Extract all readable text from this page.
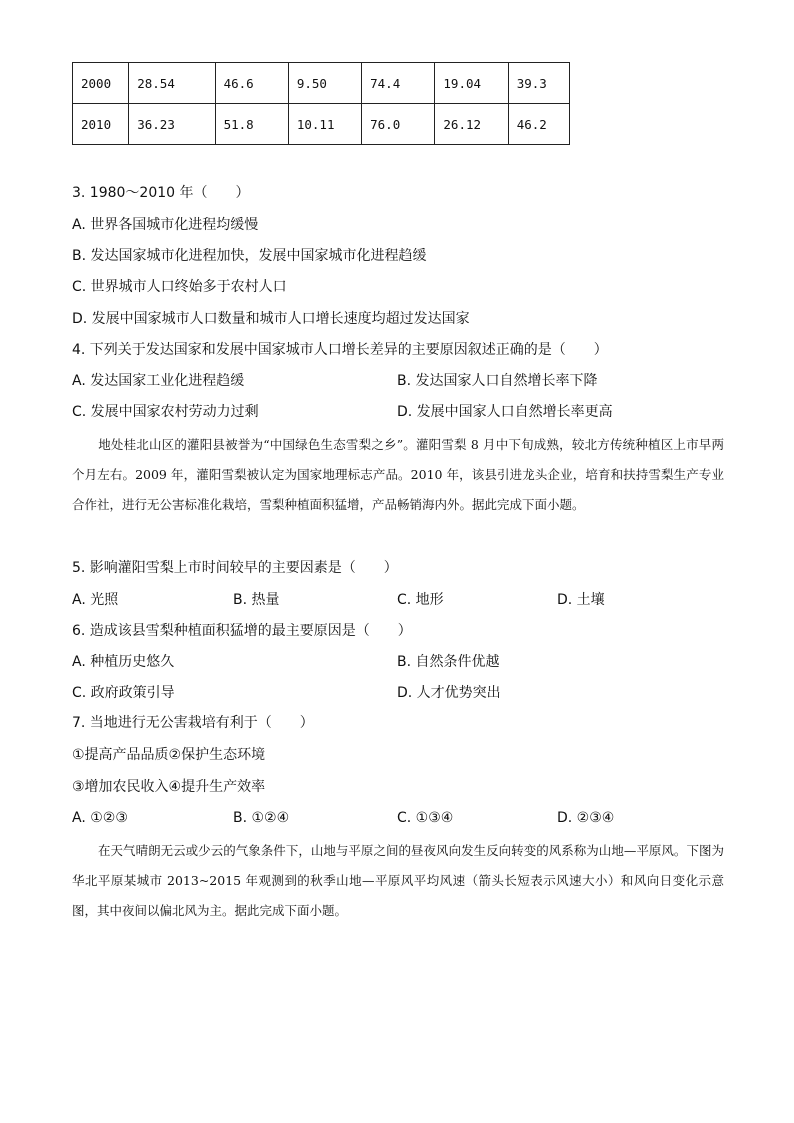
2000	28.54	46.6	9.50	74.4	19.04	39.3
2010	36.23	51.8	10.11	76.0	26.12	46.2
3. 1980～2010 年（　　）
A. 世界各国城市化进程均缓慢
B. 发达国家城市化进程加快，发展中国家城市化进程趋缓
C. 世界城市人口终始多于农村人口
D. 发展中国家城市人口数量和城市人口增长速度均超过发达国家
4. 下列关于发达国家和发展中国家城市人口增长差异的主要原因叙述正确的是（　　）
A. 发达国家工业化进程趋缓	B. 发达国家人口自然增长率下降
C. 发展中国家农村劳动力过剩	D. 发展中国家人口自然增长率更高
地处桂北山区的灌阳县被誉为“中国绿色生态雪梨之乡”。灌阳雪梨 8 月中下旬成熟，较北方传统种植区上市早两个月左右。2009 年，灌阳雪梨被认定为国家地理标志产品。2010 年，该县引进龙头企业，培育和扶持雪梨生产专业合作社，进行无公害标准化栽培，雪梨种植面积猛增，产品畅销海内外。据此完成下面小题。
5. 影响灌阳雪梨上市时间较早的主要因素是（　　）
A. 光照	B. 热量	C. 地形	D. 土壤
6. 造成该县雪梨种植面积猛增的最主要原因是（　　）
A. 种植历史悠久	B. 自然条件优越
C. 政府政策引导	D. 人才优势突出
7. 当地进行无公害栽培有利于（　　）
①提高产品品质②保护生态环境
③增加农民收入④提升生产效率
A. ①②③	B. ①②④	C. ①③④	D. ②③④
在天气晴朗无云或少云的气象条件下，山地与平原之间的昼夜风向发生反向转变的风系称为山地—平原风。下图为华北平原某城市 2013~2015 年观测到的秋季山地—平原风平均风速（箭头长短表示风速大小）和风向日变化示意图，其中夜间以偏北风为主。据此完成下面小题。
